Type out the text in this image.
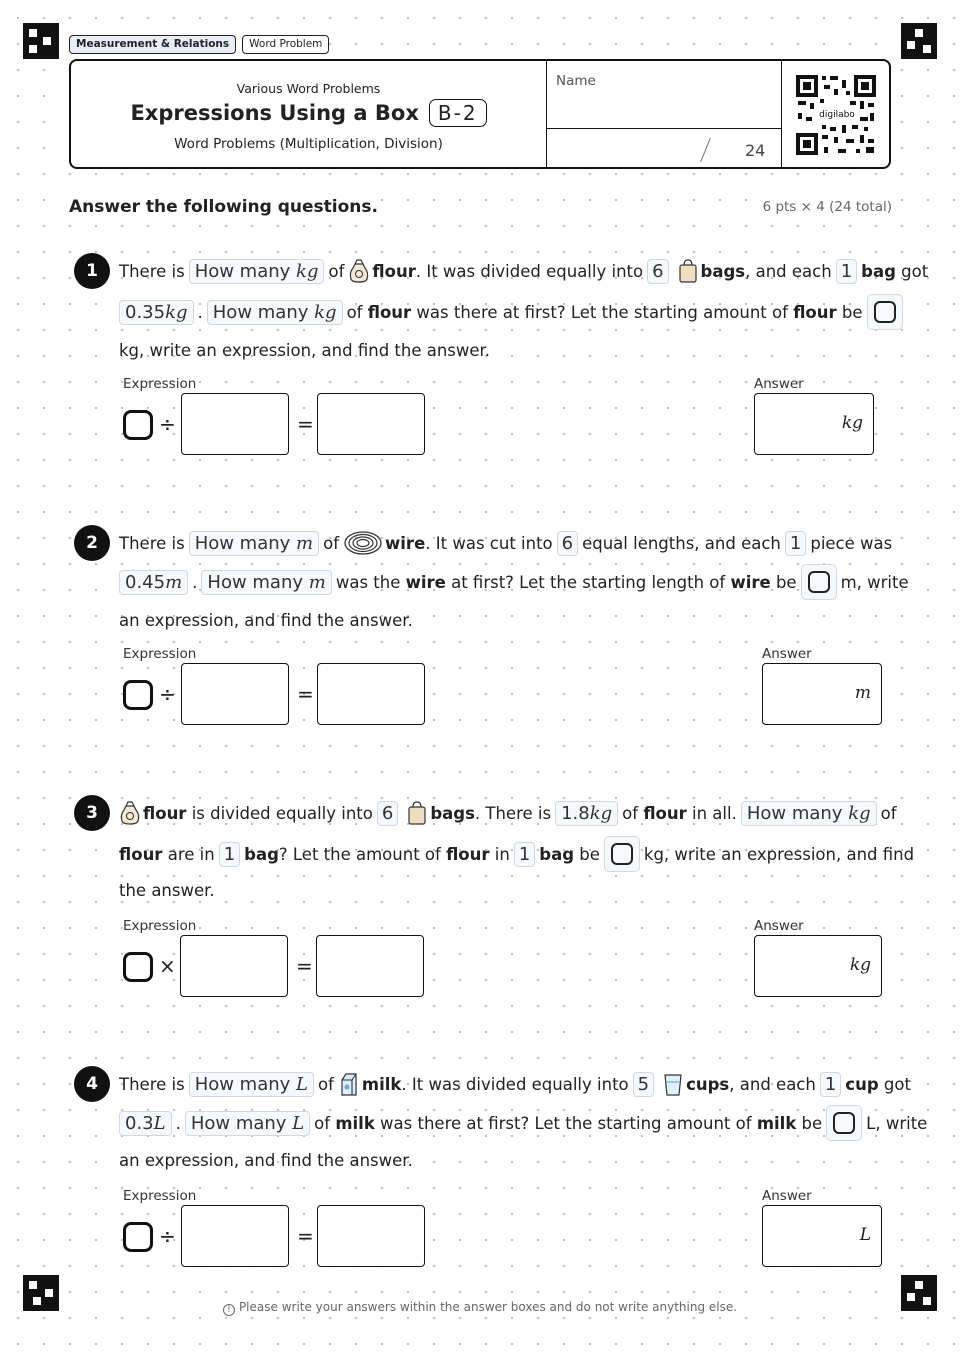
Measurement & Relations	Word Problem
Various Word Problems
Expressions Using a Box B-2
Word Problems (Multiplication, Division)
Name
24
digilabo
Answer the following questions.	6 pts × 4 (24 total)
1	There is How many kg of flour . It was divided equally into 6	bags , and each 1 bag
got
0.35kg . How many kg of
flour
was there at first? Let the starting amount of
flour
be
kg, write an expression, and find the answer.
Expression	Answer
÷	=	kg
2	There is How many m of	wire . It was cut into 6 equal lengths, and each 1 piece was
0.45m . How many m was the
wire
at first? Let the starting length of
wire
be	m, write
an expression, and find the answer.
Expression	Answer
÷	=	m
3	flour
is divided equally into 6	bags . There is 1.8kg of
flour
in all. How many kg of
flour
are in 1 bag ? Let the amount of
flour
in 1 bag
be	kg, write an expression, and find
the answer.
Expression	Answer
×	=	kg
4	There is How many L of milk . It was divided equally into 5	cups , and each 1 cup
got
0.3L . How many L of
milk
was there at first? Let the starting amount of
milk
be	L, write
an expression, and find the answer.
Expression	Answer
÷	=	L
! Please write your answers within the answer boxes and do not write anything else.
